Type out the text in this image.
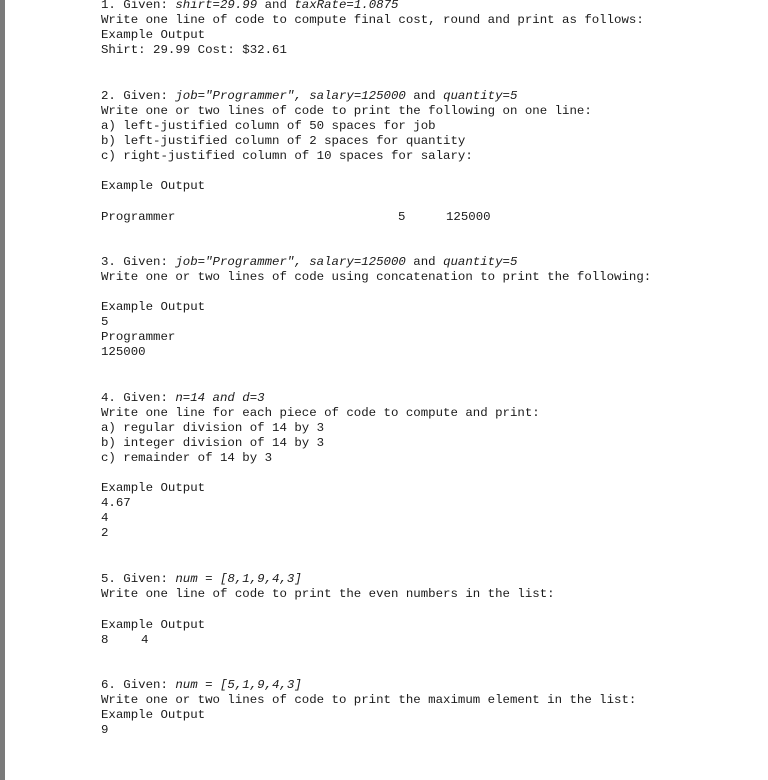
1. Given: shirt=29.99 and taxRate=1.0875
Write one line of code to compute final cost, round and print as follows:
Example Output
Shirt: 29.99 Cost: $32.61
2. Given: job="Programmer", salary=125000 and quantity=5
Write one or two lines of code to print the following on one line:
a) left-justified column of 50 spaces for job
b) left-justified column of 2 spaces for quantity
c) right-justified column of 10 spaces for salary:
Example Output
Programmer	5	125000
3. Given: job="Programmer", salary=125000 and quantity=5
Write one or two lines of code using concatenation to print the following:
Example Output
5
Programmer
125000
4. Given: n=14 and d=3
Write one line for each piece of code to compute and print:
a) regular division of 14 by 3
b) integer division of 14 by 3
c) remainder of 14 by 3
Example Output
4.67
4
2
5. Given: num = [8,1,9,4,3]
Write one line of code to print the even numbers in the list:
Example Output
8	4
6. Given: num = [5,1,9,4,3]
Write one or two lines of code to print the maximum element in the list:
Example Output
9
